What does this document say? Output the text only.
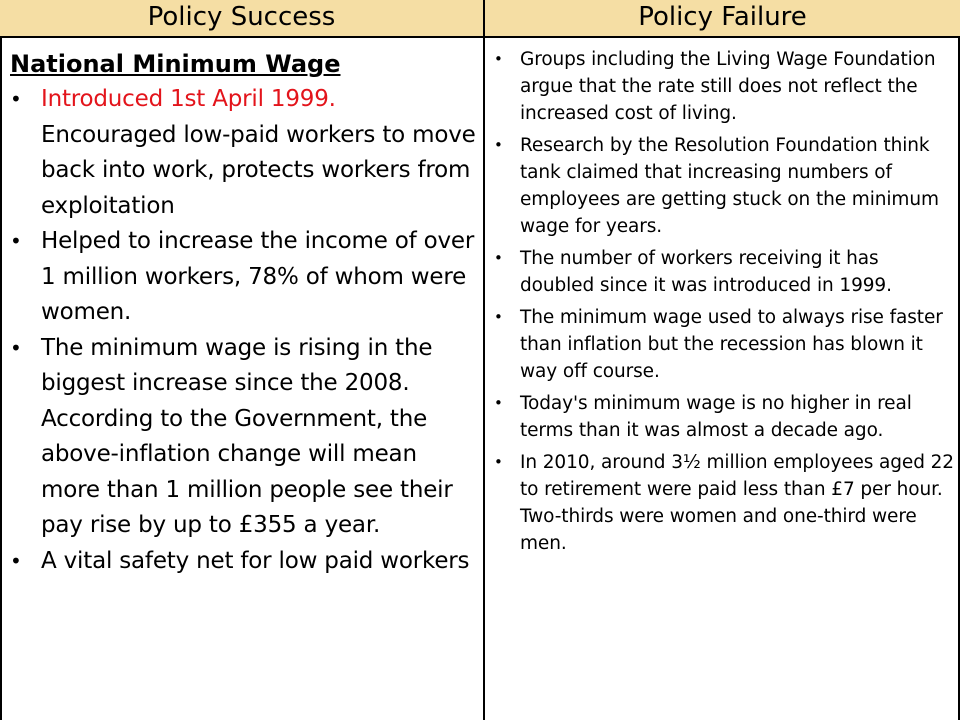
Policy Success	Policy Failure
National Minimum Wage
• Introduced 1st April 1999. Encouraged low-paid workers to move back into work, protects workers from exploitation
• Helped to increase the income of over 1 million workers, 78% of whom were women.
• The minimum wage is rising in the biggest increase since the 2008. According to the Government, the above-inflation change will mean more than 1 million people see their pay rise by up to £355 a year.
• A vital safety net for low paid workers
• Groups including the Living Wage Foundation argue that the rate still does not reflect the increased cost of living.
• Research by the Resolution Foundation think tank claimed that increasing numbers of employees are getting stuck on the minimum wage for years.
• The number of workers receiving it has doubled since it was introduced in 1999.
• The minimum wage used to always rise faster than inflation but the recession has blown it way off course.
• Today's minimum wage is no higher in real terms than it was almost a decade ago.
• In 2010, around 3½ million employees aged 22 to retirement were paid less than £7 per hour. Two-thirds were women and one-third were men.
